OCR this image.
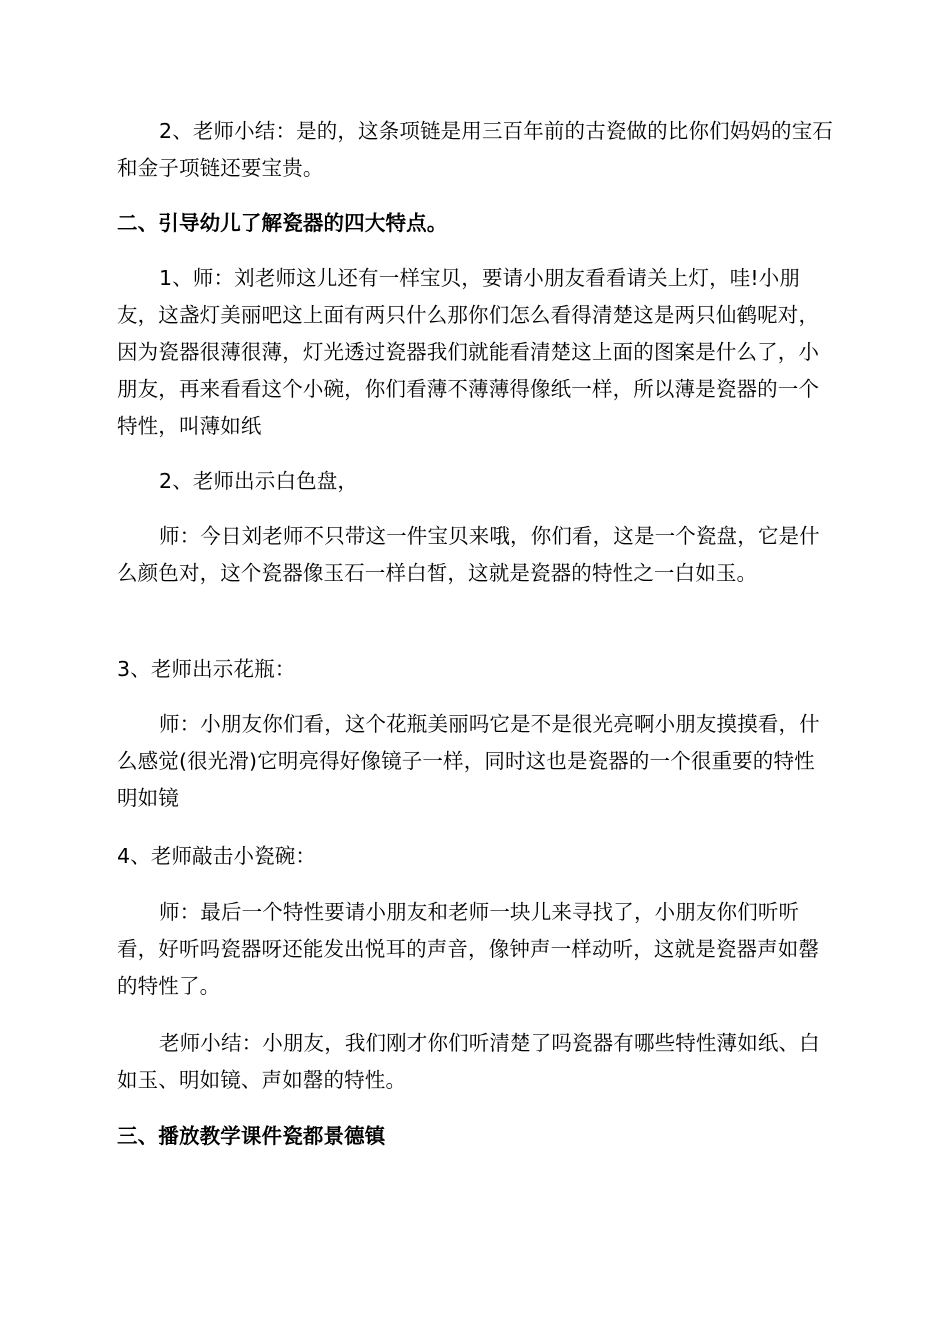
2、老师小结：是的，这条项链是用三百年前的古瓷做的比你们妈妈的宝石和金子项链还要宝贵。

二、引导幼儿了解瓷器的四大特点。

1、师：刘老师这儿还有一样宝贝，要请小朋友看看请关上灯，哇!小朋友，这盏灯美丽吧这上面有两只什么那你们怎么看得清楚这是两只仙鹤呢对，因为瓷器很薄很薄，灯光透过瓷器我们就能看清楚这上面的图案是什么了，小朋友，再来看看这个小碗，你们看薄不薄薄得像纸一样，所以薄是瓷器的一个特性，叫薄如纸

2、老师出示白色盘，

师：今日刘老师不只带这一件宝贝来哦，你们看，这是一个瓷盘，它是什么颜色对，这个瓷器像玉石一样白皙，这就是瓷器的特性之一白如玉。

3、老师出示花瓶：

师：小朋友你们看，这个花瓶美丽吗它是不是很光亮啊小朋友摸摸看，什么感觉(很光滑)它明亮得好像镜子一样，同时这也是瓷器的一个很重要的特性明如镜

4、老师敲击小瓷碗：

师：最后一个特性要请小朋友和老师一块儿来寻找了，小朋友你们听听看，好听吗瓷器呀还能发出悦耳的声音，像钟声一样动听，这就是瓷器声如罄的特性了。

老师小结：小朋友，我们刚才你们听清楚了吗瓷器有哪些特性薄如纸、白如玉、明如镜、声如罄的特性。

三、播放教学课件瓷都景德镇
